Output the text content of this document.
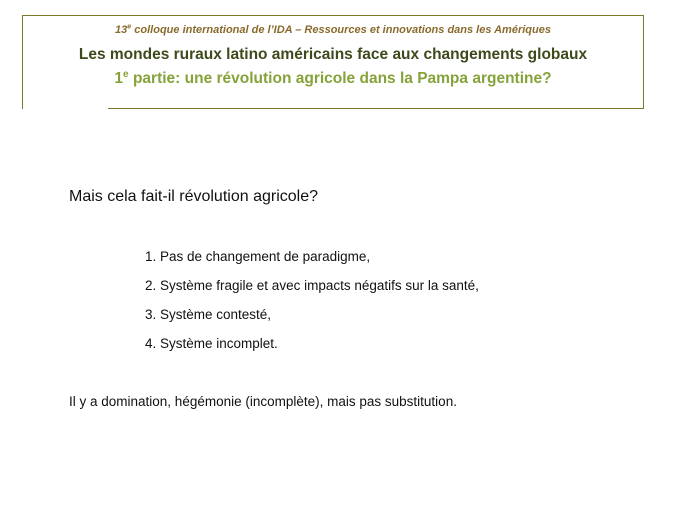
13e colloque international de l’IDA – Ressources et innovations dans les Amériques
Les mondes ruraux latino américains face aux changements globaux
1e partie: une révolution agricole dans la Pampa argentine?
Mais cela fait-il révolution agricole?
1. Pas de changement de paradigme,
2. Système fragile et avec impacts négatifs sur la santé,
3. Système contesté,
4. Système incomplet.
Il y a domination, hégémonie (incomplète), mais pas substitution.
